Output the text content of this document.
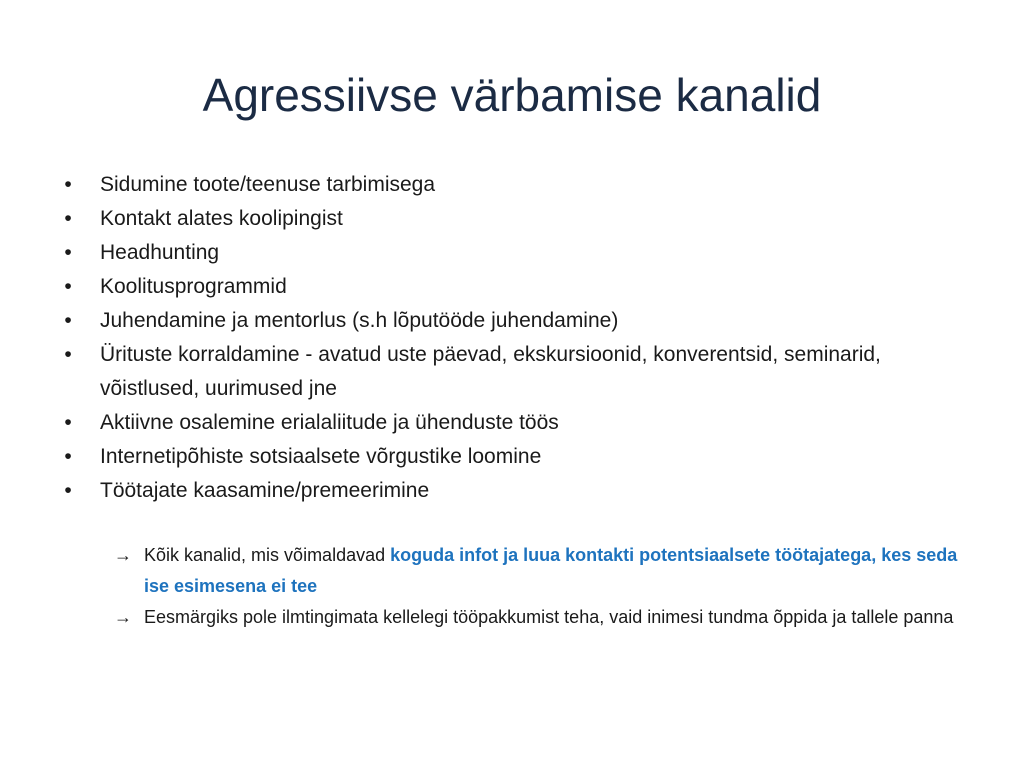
Agressiivse värbamise kanalid
•	Sidumine toote/teenuse tarbimisega
•	Kontakt alates koolipingist
•	Headhunting
•	Koolitusprogrammid
•	Juhendamine ja mentorlus (s.h lõputööde juhendamine)
•	Ürituste korraldamine - avatud uste päevad, ekskursioonid, konverentsid, seminarid, võistlused, uurimused jne
•	Aktiivne osalemine erialaliitude ja ühenduste töös
•	Internetipõhiste sotsiaalsete võrgustike loomine
•	Töötajate kaasamine/premeerimine
→ Kõik kanalid, mis võimaldavad koguda infot ja luua kontakti potentsiaalsete töötajatega, kes seda ise esimesena ei tee
→ Eesmärgiks pole ilmtingimata kellelegi tööpakkumist teha, vaid inimesi tundma õppida ja tallele panna
